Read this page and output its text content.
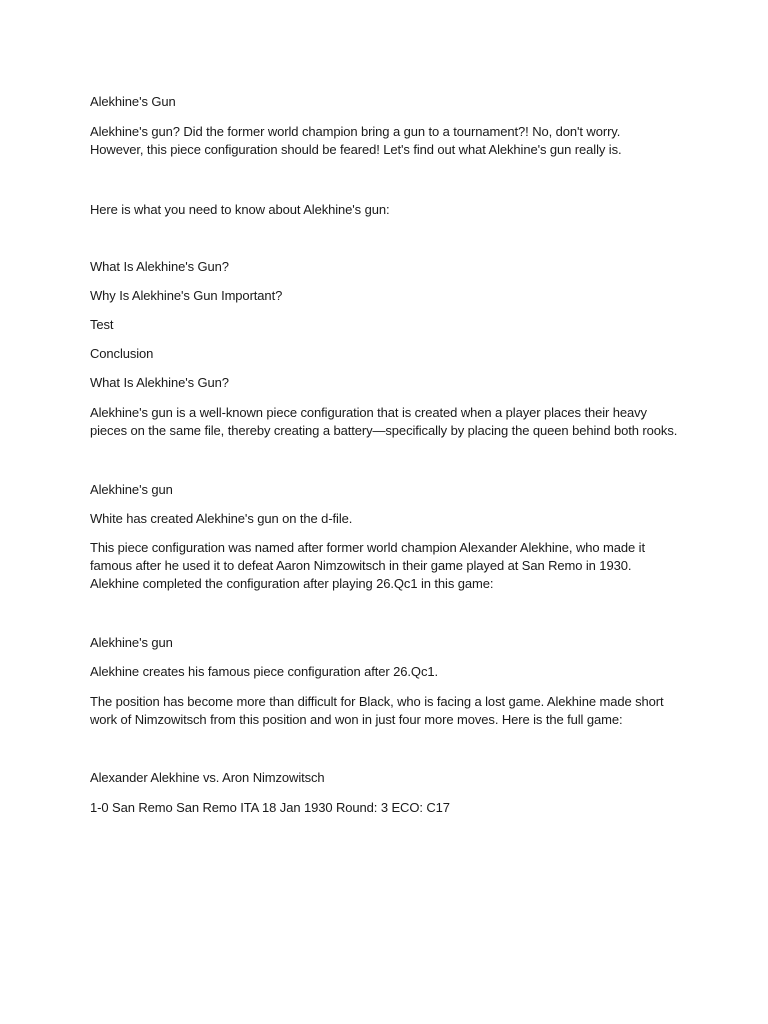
Alekhine's Gun
Alekhine's gun? Did the former world champion bring a gun to a tournament?! No, don't worry.
However, this piece configuration should be feared! Let's find out what Alekhine's gun really is.
Here is what you need to know about Alekhine's gun:
What Is Alekhine's Gun?
Why Is Alekhine's Gun Important?
Test
Conclusion
What Is Alekhine's Gun?
Alekhine's gun is a well-known piece configuration that is created when a player places their heavy
pieces on the same file, thereby creating a battery—specifically by placing the queen behind both rooks.
Alekhine's gun
White has created Alekhine's gun on the d-file.
This piece configuration was named after former world champion Alexander Alekhine, who made it
famous after he used it to defeat Aaron Nimzowitsch in their game played at San Remo in 1930.
Alekhine completed the configuration after playing 26.Qc1 in this game:
Alekhine's gun
Alekhine creates his famous piece configuration after 26.Qc1.
The position has become more than difficult for Black, who is facing a lost game. Alekhine made short
work of Nimzowitsch from this position and won in just four more moves. Here is the full game:
Alexander Alekhine vs. Aron Nimzowitsch
1-0 San Remo San Remo ITA 18 Jan 1930 Round: 3 ECO: C17
